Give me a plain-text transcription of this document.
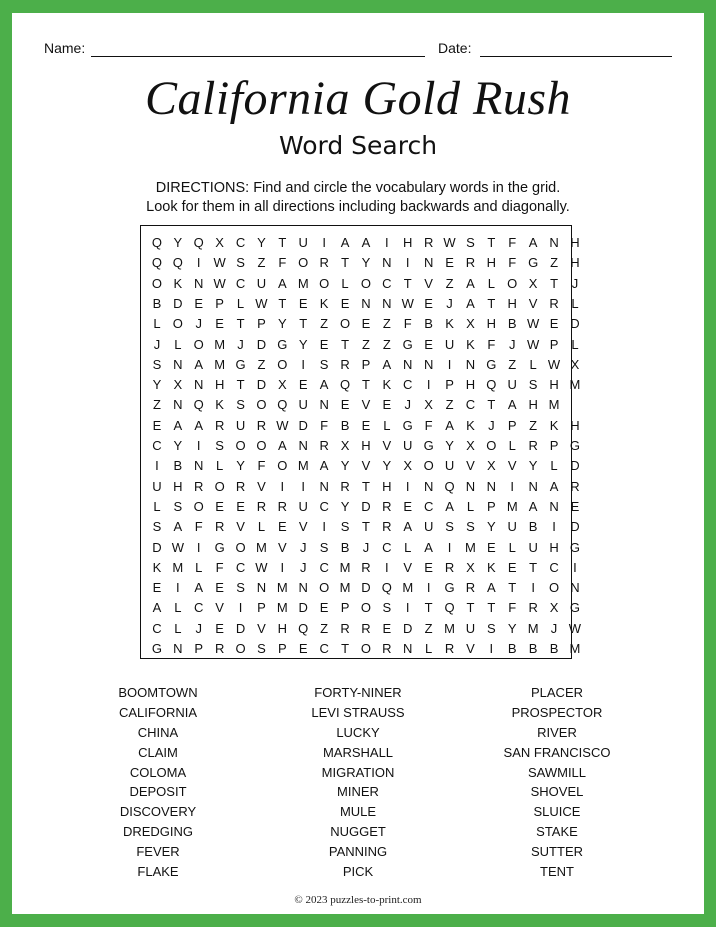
Name:	Date:
California Gold Rush
Word Search
DIRECTIONS: Find and circle the vocabulary words in the grid.
Look for them in all directions including backwards and diagonally.
Q Y Q X C Y T U	I	A A	I	H R W S T F A N H
Q Q	I W S Z F O R T Y N	I	N E R H F G Z H
O K N W C U A M O L O C T V Z A L O X T	J
B D E P L W T E K E N N W E	J	A T H V R L
L O J	E T P Y T Z O E Z F B K X H B W E D
J	L O M J D G Y E T Z Z G E U K F	J W P L
S N A M G Z O	I	S R P A N N	I	N G Z	L W X
Y X N H T D X E A Q T K C	I	P H Q U S H M
Z N Q K S O Q U N E V E	J	X Z C T A H M
E A A R U R W D F B E L G F A K	J	P Z K H
C Y	I	S O O A N R X H V U G Y X O L R P G
I	B N L Y F O M A Y V Y X O U V X V Y L D
U H R O R V	I	I	N R T H	I	N Q N N	I	N A R
L S O E E R R U C Y D R E C A L P M A N E
S A F R V L E V	I	S T R A U S S Y U B	I	D
D W I	G O M V	J	S B	J C L A	I	M E L U H G
K M L	F C W I	J C M R	I	V E R X K E T C	I
E	I	A E S N M N O M D Q M	I	G R A T	I	O N
A L C V	I	P M D E P O S	I	T Q T T F R X G
C L	J	E D V H Q Z R R E D Z M U S Y M J W
G N P R O S P E C T O R N L R V	I	B B B M
BOOMTOWN
CALIFORNIA
CHINA
CLAIM
COLOMA
DEPOSIT
DISCOVERY
DREDGING
FEVER
FLAKE
FORTY-NINER
LEVI STRAUSS
LUCKY
MARSHALL
MIGRATION
MINER
MULE
NUGGET
PANNING
PICK
PLACER
PROSPECTOR
RIVER
SAN FRANCISCO
SAWMILL
SHOVEL
SLUICE
STAKE
SUTTER
TENT
© 2023 puzzles-to-print.com
